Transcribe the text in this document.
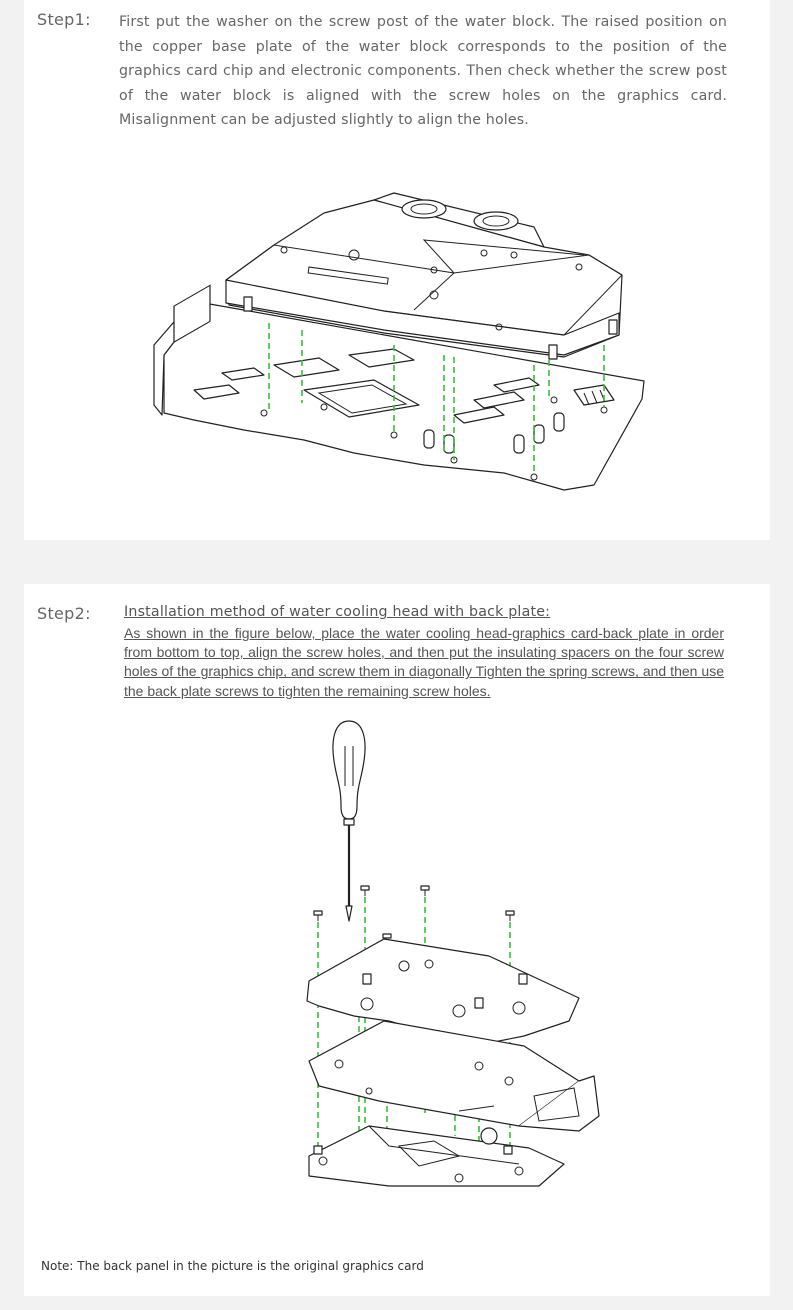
Step1: First put the washer on the screw post of the water block. The raised position on the copper base plate of the water block corresponds to the position of the graphics card chip and electronic components. Then check whether the screw post of the water block is aligned with the screw holes on the graphics card. Misalignment can be adjusted slightly to align the holes.
Step2: Installation method of water cooling head with back plate:
As shown in the figure below, place the water cooling head-graphics card-back plate in order from bottom to top, align the screw holes, and then put the insulating spacers on the four screw holes of the graphics chip, and screw them in diagonally Tighten the spring screws, and then use the back plate screws to tighten the remaining screw holes.
Note: The back panel in the picture is the original graphics card
